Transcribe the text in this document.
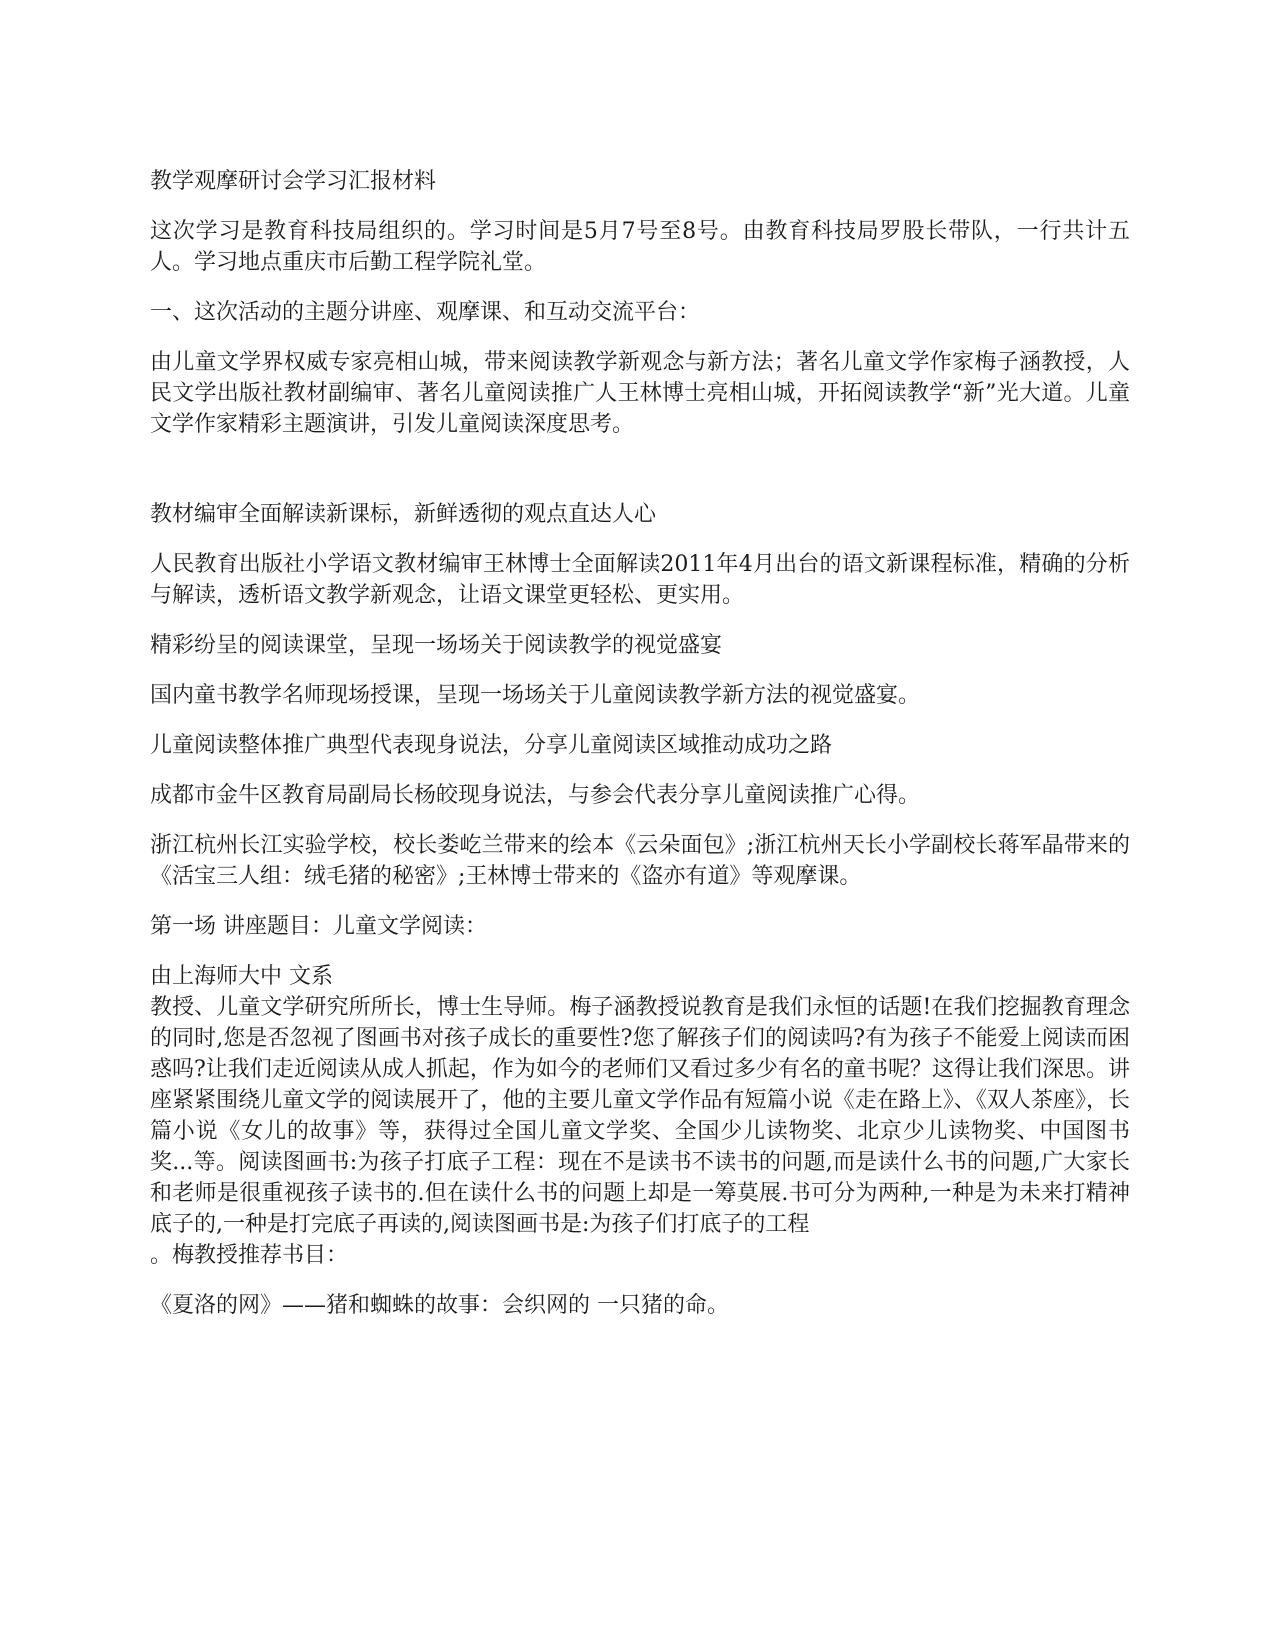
教学观摩研讨会学习汇报材料

这次学习是教育科技局组织的。学习时间是5月7号至8号。由教育科技局罗股长带队，一行共计五人。学习地点重庆市后勤工程学院礼堂。

一、这次活动的主题分讲座、观摩课、和互动交流平台：

由儿童文学界权威专家亮相山城，带来阅读教学新观念与新方法；著名儿童文学作家梅子涵教授，人民文学出版社教材副编审、著名儿童阅读推广人王林博士亮相山城，开拓阅读教学“新”光大道。儿童文学作家精彩主题演讲，引发儿童阅读深度思考。

教材编审全面解读新课标，新鲜透彻的观点直达人心

人民教育出版社小学语文教材编审王林博士全面解读2011年4月出台的语文新课程标准，精确的分析与解读，透析语文教学新观念，让语文课堂更轻松、更实用。

精彩纷呈的阅读课堂，呈现一场场关于阅读教学的视觉盛宴

国内童书教学名师现场授课，呈现一场场关于儿童阅读教学新方法的视觉盛宴。

儿童阅读整体推广典型代表现身说法，分享儿童阅读区域推动成功之路

成都市金牛区教育局副局长杨皎现身说法，与参会代表分享儿童阅读推广心得。

浙江杭州长江实验学校，校长娄屹兰带来的绘本《云朵面包》;浙江杭州天长小学副校长蒋军晶带来的《活宝三人组：绒毛猪的秘密》;王林博士带来的《盗亦有道》等观摩课。

第一场 讲座题目：儿童文学阅读：

由上海师大中 文系
教授、儿童文学研究所所长，博士生导师。梅子涵教授说教育是我们永恒的话题!在我们挖掘教育理念的同时,您是否忽视了图画书对孩子成长的重要性?您了解孩子们的阅读吗?有为孩子不能爱上阅读而困惑吗?让我们走近阅读从成人抓起，作为如今的老师们又看过多少有名的童书呢？这得让我们深思。讲座紧紧围绕儿童文学的阅读展开了，他的主要儿童文学作品有短篇小说《走在路上》、《双人茶座》，长篇小说《女儿的故事》等，获得过全国儿童文学奖、全国少儿读物奖、北京少儿读物奖、中国图书奖...等。阅读图画书:为孩子打底子工程：现在不是读书不读书的问题,而是读什么书的问题,广大家长和老师是很重视孩子读书的.但在读什么书的问题上却是一筹莫展.书可分为两种,一种是为未来打精神底子的,一种是打完底子再读的,阅读图画书是:为孩子们打底子的工程
。梅教授推荐书目：

《夏洛的网》——猪和蜘蛛的故事：会织网的 一只猪的命。
